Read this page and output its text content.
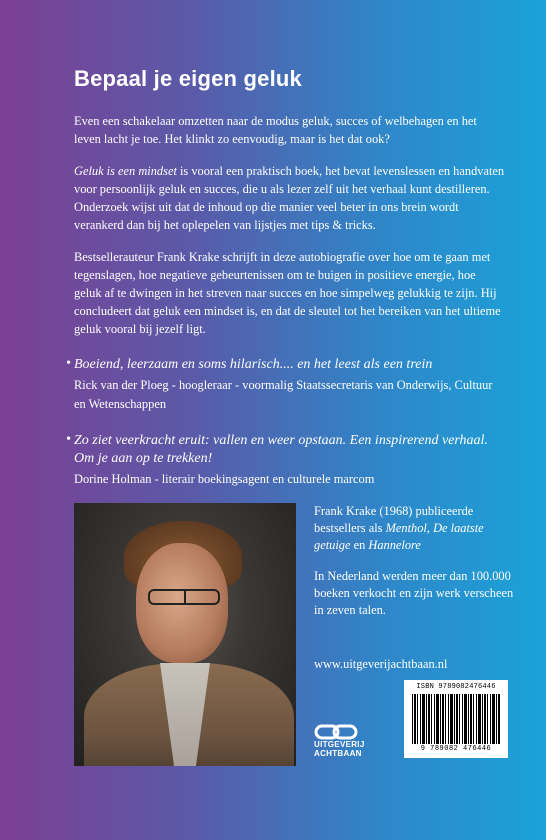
Bepaal je eigen geluk

Even een schakelaar omzetten naar de modus geluk, succes of welbehagen en het leven lacht je toe. Het klinkt zo eenvoudig, maar is het dat ook?

Geluk is een mindset is vooral een praktisch boek, het bevat levenslessen en handvaten voor persoonlijk geluk en succes, die u als lezer zelf uit het verhaal kunt destilleren. Onderzoek wijst uit dat de inhoud op die manier veel beter in ons brein wordt verankerd dan bij het oplepelen van lijstjes met tips & tricks.

Bestsellerauteur Frank Krake schrijft in deze autobiografie over hoe om te gaan met tegenslagen, hoe negatieve gebeurtenissen om te buigen in positieve energie, hoe geluk af te dwingen in het streven naar succes en hoe simpelweg gelukkig te zijn. Hij concludeert dat geluk een mindset is, en dat de sleutel tot het bereiken van het ultieme geluk vooral bij jezelf ligt.

• Boeiend, leerzaam en soms hilarisch.... en het leest als een trein
Rick van der Ploeg - hoogleraar - voormalig Staatssecretaris van Onderwijs, Cultuur en Wetenschappen
• Zo ziet veerkracht eruit: vallen en weer opstaan. Een inspirerend verhaal. Om je aan op te trekken!
Dorine Holman - literair boekingsagent en culturele marcom

Frank Krake (1968) publiceerde bestsellers als Menthol, De laatste getuige en Hannelore

In Nederland werden meer dan 100.000 boeken verkocht en zijn werk verscheen in zeven talen.

www.uitgeverijachtbaan.nl
UITGEVERIJ
ACHTBAAN
ISBN 9789082476446
9 789082 476446
